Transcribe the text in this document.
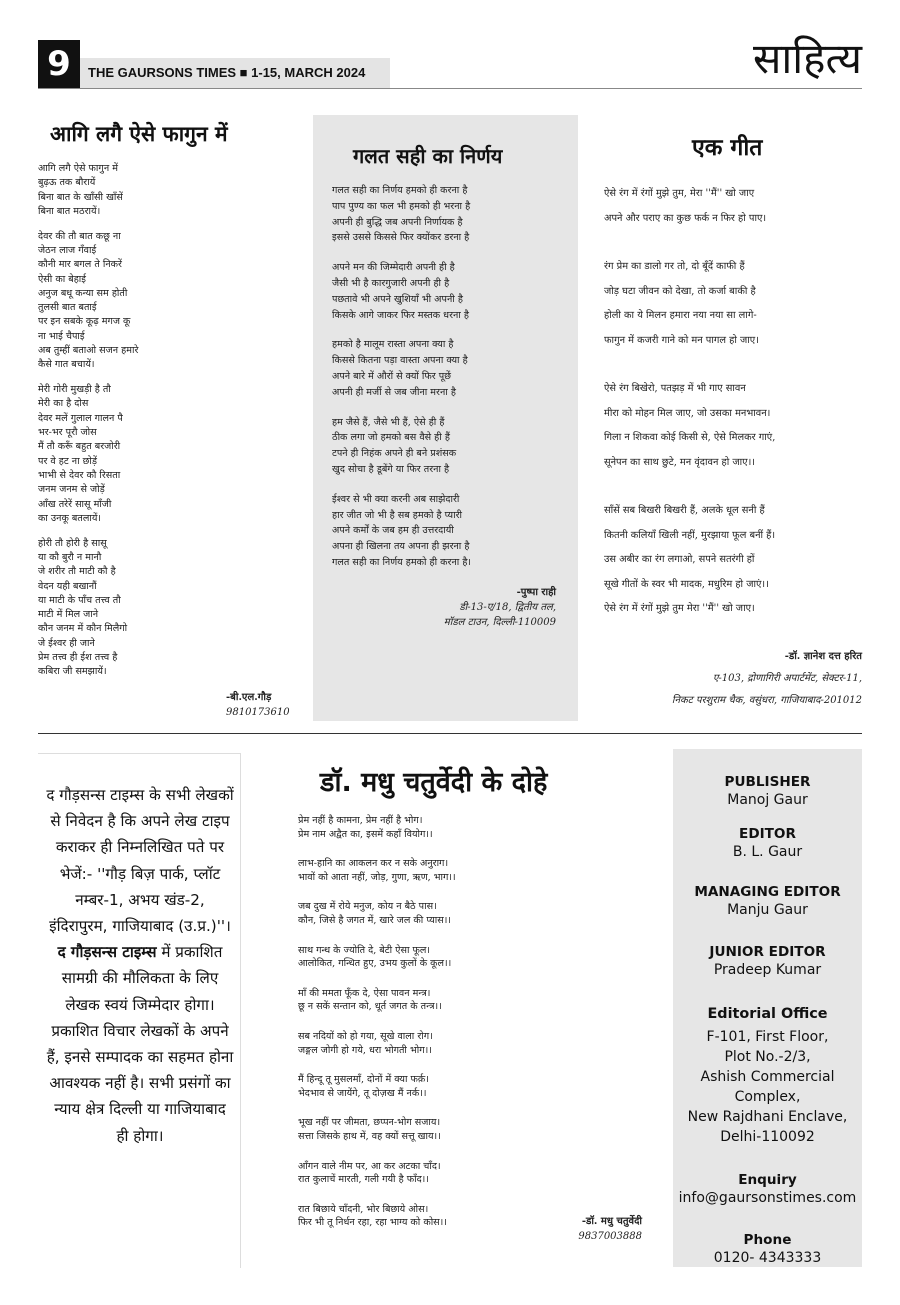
9	THE GAURSONS TIMES ■ 1-15, MARCH 2024	साहित्य
आगि लगै ऐसे फागुन में
आगि लगै ऐसे फागुन में
बुढ़ऊ तक बौरायें
बिना बात के खाँसी खाँसें
बिना बात मठरायें।
देवर की तौ बात कछू ना
जेठन लाज गँवाई
कौनी मार बगल ते निकरें
ऐसी का बेहाई
अनुज बधू कन्या सम होती
तुलसी बात बताई
पर इन सबके कूढ़ मगज कू
ना भाई चैपाई
अब तुम्हीं बताओ सजन हमारे
कैसे गात बचायें।
मेरी गोरी मुखड़ी है तौ
मेरी का है दोस
देवर मलें गुलाल गालन पै
भर-भर पूरौ जोस
मैं तौ करूँ बहुत बरजोरी
पर वे हट ना छोड़ें
भाभी से देवर कौ रिसता
जनम जनम से जोड़ें
आँख तरेरें सासू माँजी
का उनकू बतलायें।
होरी तौ होरी है सासू
या कौ बुरौ न मानौ
जे शरीर तौ माटी कौ है
वेदन यही बखानौं
या माटी के पाँच तत्त्व तौ
माटी में मिल जाने
कौन जनम में कौन मिलैगो
जे ईश्वर ही जाने
प्रेम तत्त्व ही ईश तत्त्व है
कबिरा जी समझायें।
-बी.एल.गौड़
9810173610
गलत सही का निर्णय
गलत सही का निर्णय हमको ही करना है
पाप पुण्य का फल भी हमको ही भरना है
अपनी ही बुद्धि जब अपनी निर्णायक है
इससे उससे किससे फिर क्योंकर डरना है
अपने मन की जिम्मेदारी अपनी ही है
जैसी भी है कारगुजारी अपनी ही है
पछतावे भी अपने खुशियाँ भी अपनी है
किसके आगे जाकर फिर मस्तक धरना है
हमको है मालूम रास्ता अपना क्या है
किससे कितना पड़ा वास्ता अपना क्या है
अपने बारे में औरों से क्यों फिर पूछें
अपनी ही मर्जी से जब जीना मरना है
हम जैसे हैं, जैसे भी हैं, ऐसे ही हैं
ठीक लगा जो हमको बस वैसे ही हैं
टपने ही निहंक अपने ही बने प्रशंसक
खुद सोचा है डूबेंगे या फिर तरना है
ईश्वर से भी क्या करनी अब साझेदारी
हार जीत जो भी है सब हमको है प्यारी
अपने कर्मों के जब हम ही उत्तरदायी
अपना ही खिलना तय अपना ही झरना है
गलत सही का निर्णय हमको ही करना है।
-पुष्पा राही
डी-13-ए/18, द्वितीय तल,
मॉडल टाउन, दिल्ली-110009
एक गीत
ऐसे रंग में रंगों मुझे तुम, मेरा ''मैं'' खो जाए
अपने और पराए का कुछ फर्क न फिर हो पाए।
रंग प्रेम का डालो गर तो, दो बूँदें काफी हैं
जोड़ घटा जीवन को देखा, तो कर्जा बाकी है
होली का ये मिलन हमारा नया नया सा लागे-
फागुन में कजरी गाने को मन पागल हो जाए।
ऐसे रंग बिखेरो, पतझड़ में भी गाए सावन
मीरा को मोहन मिल जाए, जो उसका मनभावन।
गिला न शिकवा कोई किसी से, ऐसे मिलकर गाएं,
सूनेपन का साथ छुटे, मन वृंदावन हो जाए।।
साँसें सब बिखरी बिखरी हैं, अलके धूल सनी हैं
कितनी कलियाँ खिली नहीं, मुरझाया फूल बनीं हैं।
उस अबीर का रंग लगाओ, सपने सतरंगी हों
सूखे गीतों के स्वर भी मादक, मधुरिम हो जाएं।।
ऐसे रंग में रंगों मुझे तुम मेरा ''मैं'' खो जाए।
-डॉ. ज्ञानेश दत्त हरित
ए-103, द्रोणागिरी अपार्टमेंट, सेक्टर-11,
निकट परशुराम चैक, वसुंधरा, गाजियाबाद-201012
द गौड़सन्स टाइम्स के सभी लेखकों से निवेदन है कि अपने लेख टाइप कराकर ही निम्नलिखित पते पर भेजें:- ''गौड़ बिज़ पार्क, प्लॉट नम्बर-1, अभय खंड-2, इंदिरापुरम, गाजियाबाद (उ.प्र.)''। द गौड़सन्स टाइम्स में प्रकाशित सामग्री की मौलिकता के लिए लेखक स्वयं जिम्मेदार होगा। प्रकाशित विचार लेखकों के अपने हैं, इनसे सम्पादक का सहमत होना आवश्यक नहीं है। सभी प्रसंगों का न्याय क्षेत्र दिल्ली या गाजियाबाद ही होगा।
डॉ. मधु चतुर्वेदी के दोहे
प्रेम नहीं है कामना, प्रेम नहीं है भोग।
प्रेम नाम अद्वैत का, इसमें कहाँ वियोग।।
लाभ-हानि का आकलन कर न सके अनुराग।
भावों को आता नहीं, जोड़, गुणा, ऋण, भाग।।
जब दुख में रोये मनुज, कोय न बैठे पास।
कौन, जिसे है जगत में, खारे जल की प्यास।।
साथ गन्ध के ज्योति दे, बेटी ऐसा फूल।
आलोकित, गन्धित हुए, उभय कुलों के कूल।।
माँ की ममता फूँक दे, ऐसा पावन मन्त्र।
छू न सकें सन्तान को, धूर्त जगत के तन्त्र।।
सब नदियों को हो गया, सूखे वाला रोग।
जङ्गल जोगी हो गये, धरा भोगती भोग।।
मैं हिन्दू तू मुसलमाँ, दोनों में क्या फर्क़।
भेदभाव से जायेंगे, तू दोज़ख मैं नर्क।।
भूख नहीं पर जीमता, छप्पन-भोग सजाय।
सत्ता जिसके हाथ में, वह क्यों सत्तू खाय।।
आँगन वाले नीम पर, आ कर अटका चाँद।
रात कुलाचें मारती, गली गयी है फाँद।।
रात बिछाये चाँदनी, भोर बिछाये ओस।
फिर भी तू निर्धन रहा, रहा भाग्य को कोस।।	-डॉ. मधु चतुर्वेदी
9837003888
PUBLISHER
Manoj Gaur
EDITOR
B. L. Gaur
MANAGING EDITOR
Manju Gaur
JUNIOR EDITOR
Pradeep Kumar
Editorial Office
F-101, First Floor,
Plot No.-2/3,
Ashish Commercial
Complex,
New Rajdhani Enclave,
Delhi-110092
Enquiry
info@gaursonstimes.com
Phone
0120- 4343333
